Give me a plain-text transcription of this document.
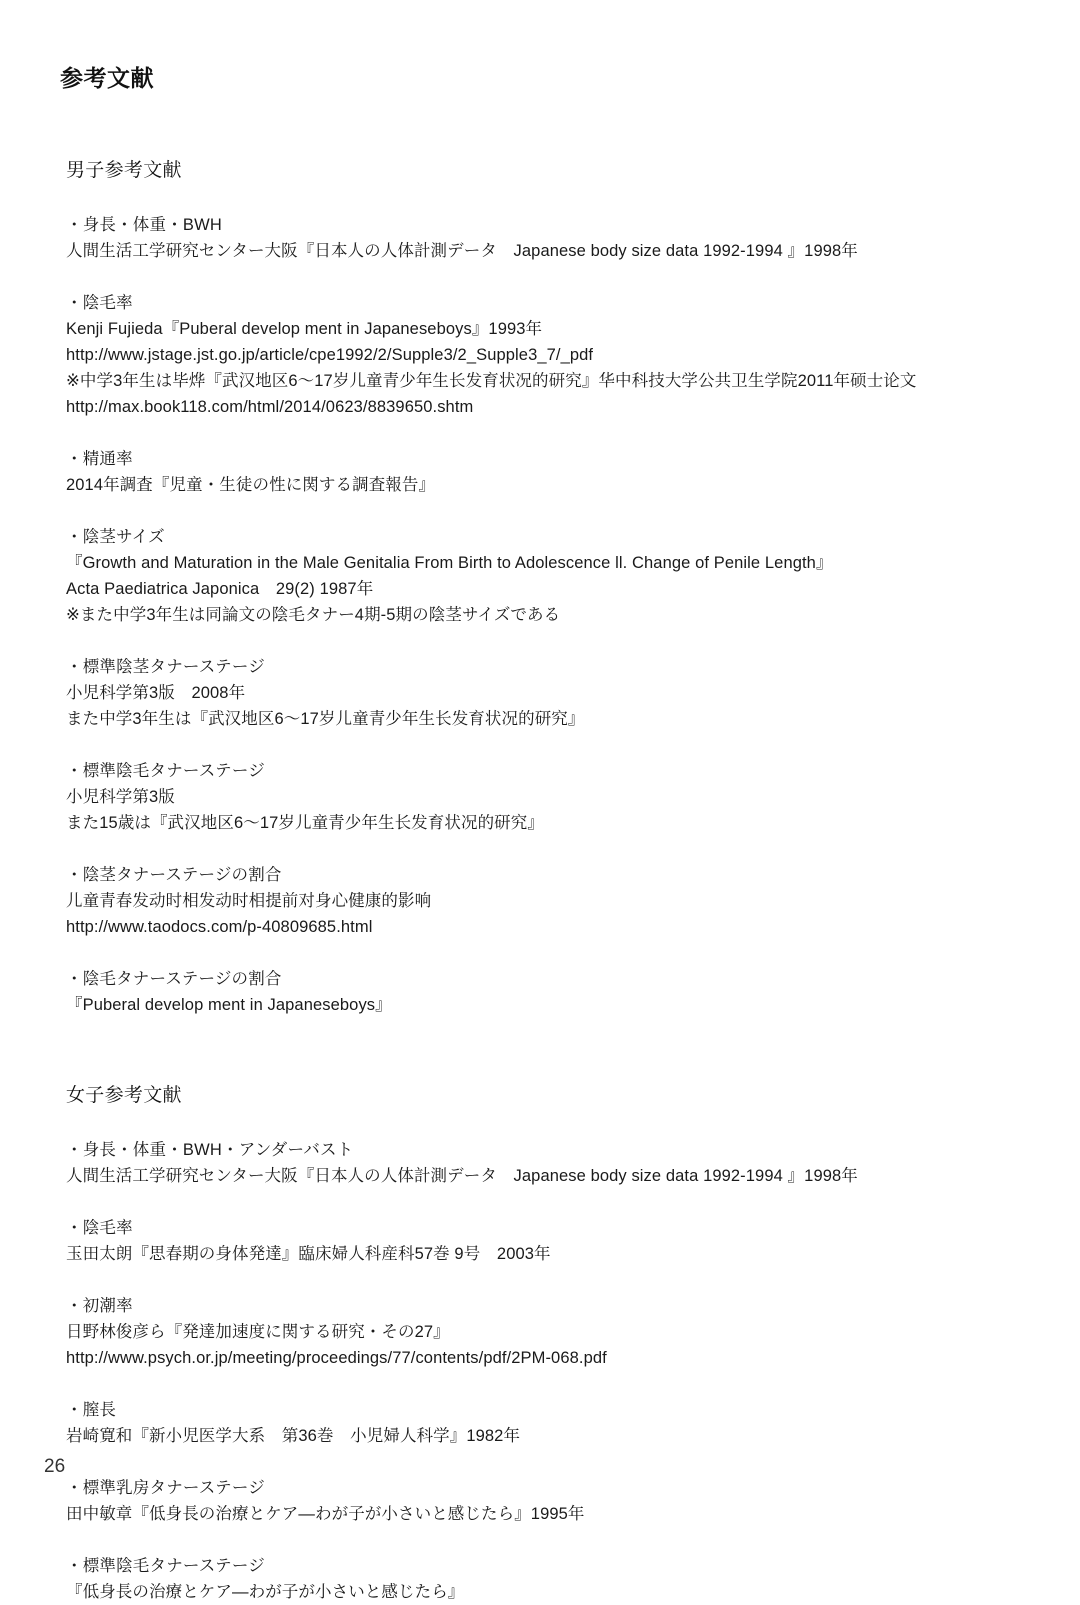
参考文献
男子参考文献
・身長・体重・BWH
人間生活工学研究センター大阪『日本人の人体計測データ　Japanese body size data 1992-1994 』1998年
・陰毛率
Kenji Fujieda『Puberal develop ment in Japaneseboys』1993年
http://www.jstage.jst.go.jp/article/cpe1992/2/Supple3/2_Supple3_7/_pdf
※中学3年生は毕烨『武汉地区6〜17岁儿童青少年生长发育状况的研究』华中科技大学公共卫生学院2011年硕士论文
http://max.book118.com/html/2014/0623/8839650.shtm
・精通率
2014年調査『児童・生徒の性に関する調査報告』
・陰茎サイズ
『Growth and Maturation in the Male Genitalia From Birth to Adolescence ll. Change of Penile Length』
Acta Paediatrica Japonica　29(2) 1987年
※また中学3年生は同論文の陰毛タナー4期-5期の陰茎サイズである
・標準陰茎タナーステージ
小児科学第3版　2008年
また中学3年生は『武汉地区6〜17岁儿童青少年生长发育状况的研究』
・標準陰毛タナーステージ
小児科学第3版
また15歳は『武汉地区6〜17岁儿童青少年生长发育状况的研究』
・陰茎タナーステージの割合
儿童青春发动时相发动时相提前对身心健康的影响
http://www.taodocs.com/p-40809685.html
・陰毛タナーステージの割合
『Puberal develop ment in Japaneseboys』
女子参考文献
・身長・体重・BWH・アンダーバスト
人間生活工学研究センター大阪『日本人の人体計測データ　Japanese body size data 1992-1994 』1998年
・陰毛率
玉田太朗『思春期の身体発達』臨床婦人科産科57巻 9号　2003年
・初潮率
日野林俊彦ら『発達加速度に関する研究・その27』
http://www.psych.or.jp/meeting/proceedings/77/contents/pdf/2PM-068.pdf
・膣長
岩崎寛和『新小児医学大系　第36巻　小児婦人科学』1982年
・標準乳房タナーステージ
田中敏章『低身長の治療とケア―わが子が小さいと感じたら』1995年
・標準陰毛タナーステージ
『低身長の治療とケア―わが子が小さいと感じたら』
26
